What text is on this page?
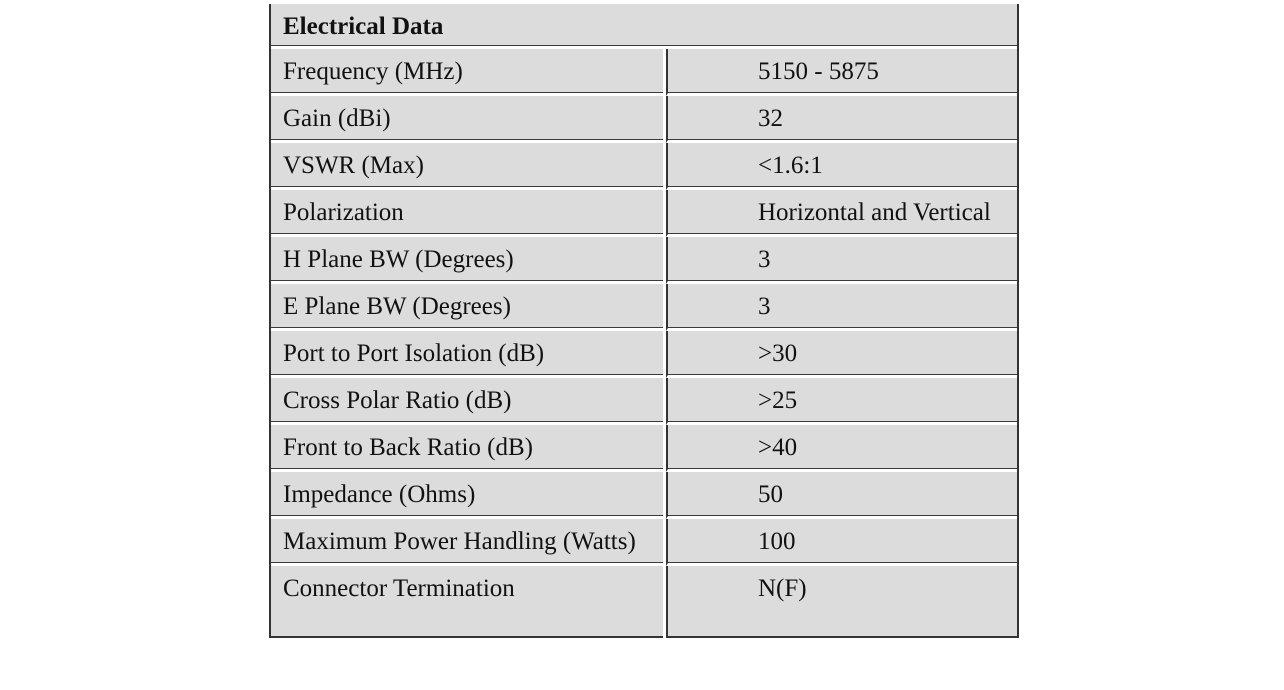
Electrical Data	
Frequency (MHz)	5150 - 5875
Gain (dBi)	32
VSWR (Max)	<1.6:1
Polarization	Horizontal and Vertical
H Plane BW (Degrees)	3
E Plane BW (Degrees)	3
Port to Port Isolation (dB)	>30
Cross Polar Ratio (dB)	>25
Front to Back Ratio (dB)	>40
Impedance (Ohms)	50
Maximum Power Handling (Watts)	100
Connector Termination	N(F)
